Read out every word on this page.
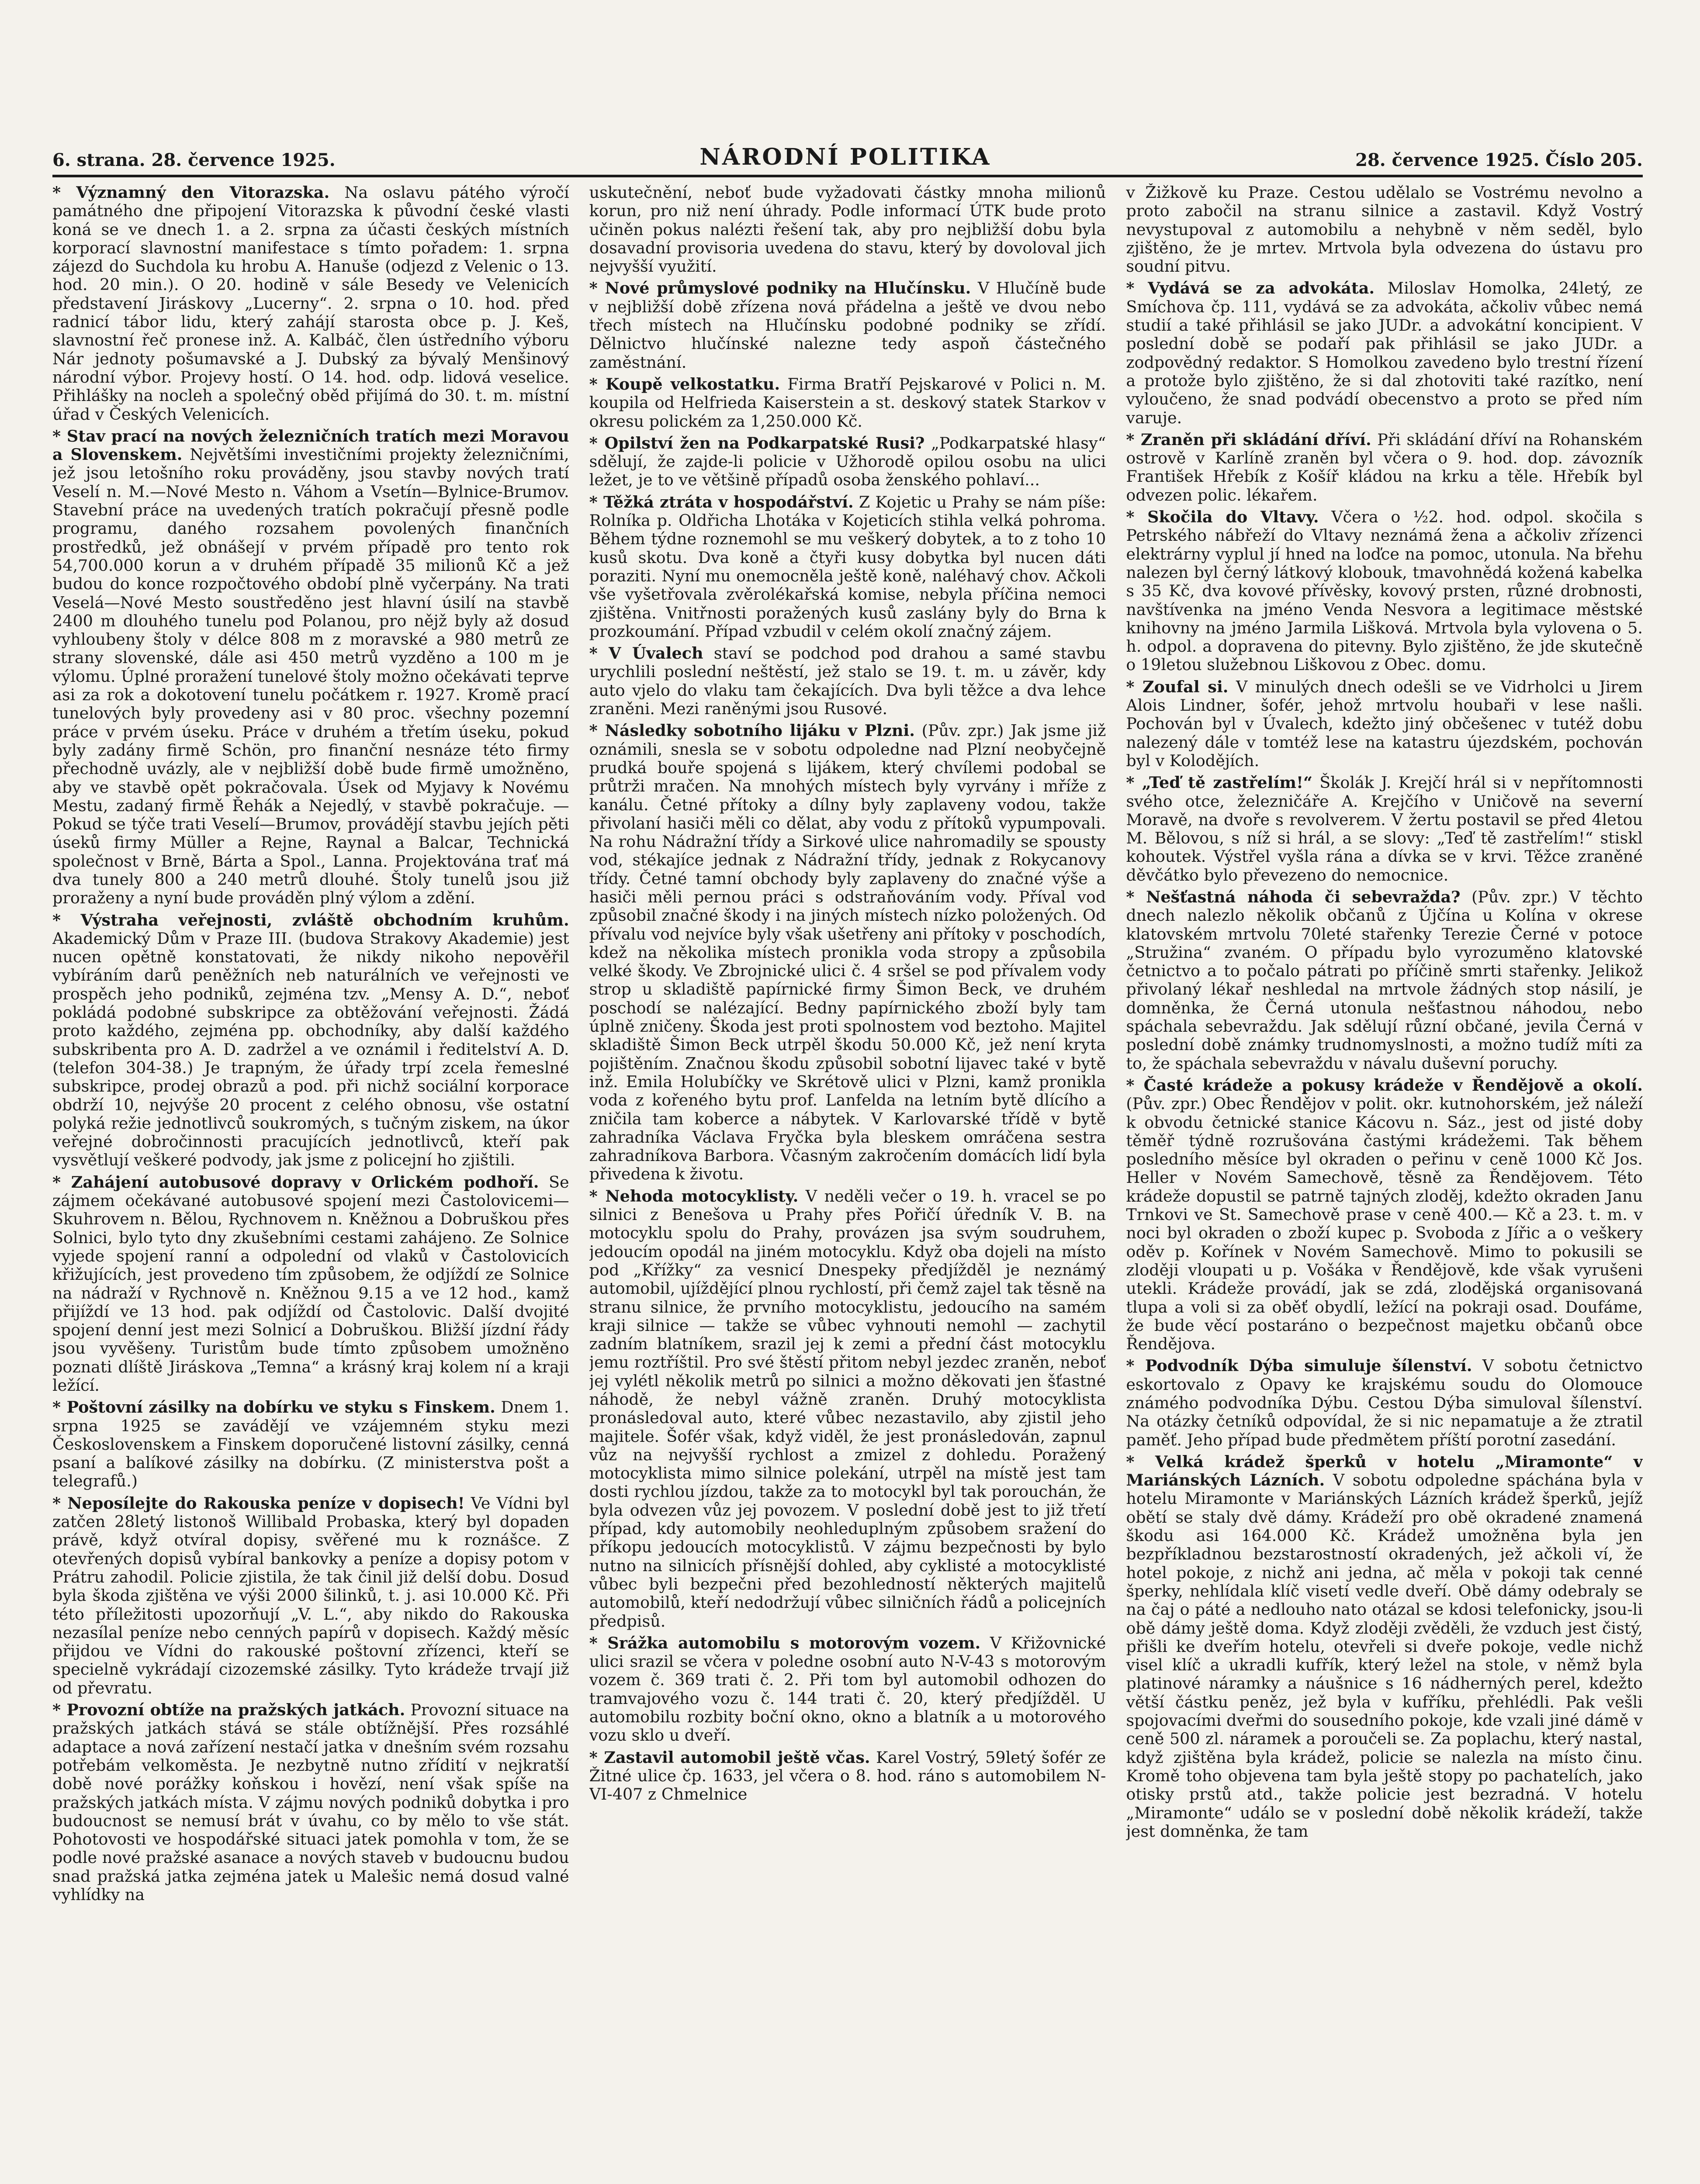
6. strana. 28. července 1925.	NÁRODNÍ POLITIKA	28. července 1925. Číslo 205.

* Významný den Vitorazska. Na oslavu pátého výročí památného dne připojení Vitorazska k původní české vlasti koná se ve dnech 1. a 2. srpna za účasti českých místních korporací slavnostní manifestace s tímto pořadem: 1. srpna zájezd do Suchdola ku hrobu A. Hanuše (odjezd z Velenic o 13. hod. 20 min.). O 20. hodině v sále Besedy ve Velenicích představení Jiráskovy „Lucerny“. 2. srpna o 10. hod. před radnicí tábor lidu, který zahájí starosta obce p. J. Keš, slavnostní řeč pronese inž. A. Kalbáč, člen ústředního výboru Nár jednoty pošumavské a J. Dubský za bývalý Menšinový národní výbor. Projevy hostí. O 14. hod. odp. lidová veselice. Přihlášky na nocleh a společný oběd přijímá do 30. t. m. místní úřad v Českých Velenicích.

* Stav prací na nových železničních tratích mezi Moravou a Slovenskem. Největšími investičními projekty železničními, jež jsou letošního roku prováděny, jsou stavby nových tratí Veselí n. M.—Nové Mesto n. Váhom a Vsetín—Bylnice-Brumov. Stavební práce na uvedených tratích pokračují přesně podle programu, daného rozsahem povolených finančních prostředků, jež obnášejí v prvém případě pro tento rok 54,700.000 korun a v druhém případě 35 milionů Kč a jež budou do konce rozpočtového období plně vyčerpány. Na trati Veselá—Nové Mesto soustředěno jest hlavní úsilí na stavbě 2400 m dlouhého tunelu pod Polanou, pro nějž byly až dosud vyhloubeny štoly v délce 808 m z moravské a 980 metrů ze strany slovenské, dále asi 450 metrů vyzděno a 100 m je výlomu. Úplné proražení tunelové štoly možno očekávati teprve asi za rok a dokotovení tunelu počátkem r. 1927. Kromě prací tunelových byly provedeny asi v 80 proc. všechny pozemní práce v prvém úseku. Práce v druhém a třetím úseku, pokud byly zadány firmě Schön, pro finanční nesnáze této firmy přechodně uvázly, ale v nejbližší době bude firmě umožněno, aby ve stavbě opět pokračovala. Úsek od Myjavy k Novému Mestu, zadaný firmě Řehák a Nejedlý, v stavbě pokračuje. — Pokud se týče trati Veselí—Brumov, provádějí stavbu jejích pěti úseků firmy Müller a Rejne, Raynal a Balcar, Technická společnost v Brně, Bárta a Spol., Lanna. Projektována trať má dva tunely 800 a 240 metrů dlouhé. Štoly tunelů jsou již proraženy a nyní bude prováděn plný výlom a zdění.

* Výstraha veřejnosti, zvláště obchodním kruhům. Akademický Dům v Praze III. (budova Strakovy Akademie) jest nucen opětně konstatovati, že nikdy nikoho nepověřil vybíráním darů peněžních neb naturálních ve veřejnosti ve prospěch jeho podniků, zejména tzv. „Mensy A. D.“, neboť pokládá podobné subskripce za obtěžování veřejnosti. Žádá proto každého, zejména pp. obchodníky, aby další každého subskribenta pro A. D. zadržel a ve oznámil i ředitelství A. D. (telefon 304-38.) Je trapným, že úřady trpí zcela řemeslné subskripce, prodej obrazů a pod. při nichž sociální korporace obdrží 10, nejvýše 20 procent z celého obnosu, vše ostatní polyká režie jednotlivců soukromých, s tučným ziskem, na úkor veřejné dobročinnosti pracujících jednotlivců, kteří pak vysvětlují veškeré podvody, jak jsme z policejní ho zjištili.

* Zahájení autobusové dopravy v Orlickém podhoří. Se zájmem očekávané autobusové spojení mezi Častolovicemi—Skuhrovem n. Bělou, Rychnovem n. Kněžnou a Dobruškou přes Solnici, bylo tyto dny zkušebními cestami zahájeno. Ze Solnice vyjede spojení ranní a odpolední od vlaků v Častolovicích křižujících, jest provedeno tím způsobem, že odjíždí ze Solnice na nádraží v Rychnově n. Kněžnou 9.15 a ve 12 hod., kamž přijíždí ve 13 hod. pak odjíždí od Častolovic. Další dvojité spojení denní jest mezi Solnicí a Dobruškou. Bližší jízdní řády jsou vyvěšeny. Turistům bude tímto způsobem umožněno poznati dlíště Jiráskova „Temna“ a krásný kraj kolem ní a kraji ležící.

* Poštovní zásilky na dobírku ve styku s Finskem. Dnem 1. srpna 1925 se zavádějí ve vzájemném styku mezi Československem a Finskem doporučené listovní zásilky, cenná psaní a balíkové zásilky na dobírku. (Z ministerstva pošt a telegrafů.)

* Neposílejte do Rakouska peníze v dopisech! Ve Vídni byl zatčen 28letý listonoš Willibald Probaska, který byl dopaden právě, když otvíral dopisy, svěřené mu k roznášce. Z otevřených dopisů vybíral bankovky a peníze a dopisy potom v Prátru zahodil. Policie zjistila, že tak činil již delší dobu. Dosud byla škoda zjištěna ve výši 2000 šilinků, t. j. asi 10.000 Kč. Při této příležitosti upozorňují „V. L.“, aby nikdo do Rakouska nezasílal peníze nebo cenných papírů v dopisech. Každý měsíc přijdou ve Vídni do rakouské poštovní zřízenci, kteří se specielně vykrádají cizozemské zásilky. Tyto krádeže trvají již od převratu.

* Provozní obtíže na pražských jatkách. Provozní situace na pražských jatkách stává se stále obtížnější. Přes rozsáhlé adaptace a nová zařízení nestačí jatka v dnešním svém rozsahu potřebám velkoměsta. Je nezbytně nutno zřídití v nejkratší době nové porážky koňskou i hovězí, není však spíše na pražských jatkách místa. V zájmu nových podniků dobytka i pro budoucnost se nemusí brát v úvahu, co by mělo to vše stát. Pohotovosti ve hospodářské situaci jatek pomohla v tom, že se podle nové pražské asanace a nových staveb v budoucnu budou snad pražská jatka zejména jatek u Malešic nemá dosud valné vyhlídky na

uskutečnění, neboť bude vyžadovati částky mnoha milionů korun, pro niž není úhrady. Podle informací ÚTK bude proto učiněn pokus nalézti řešení tak, aby pro nejbližší dobu byla dosavadní provisoria uvedena do stavu, který by dovoloval jich nejvyšší využití.

* Nové průmyslové podniky na Hlučínsku. V Hlučíně bude v nejbližší době zřízena nová přádelna a ještě ve dvou nebo třech místech na Hlučínsku podobné podniky se zřídí. Dělnictvo hlučínské nalezne tedy aspoň částečného zaměstnání.

* Koupě velkostatku. Firma Bratří Pejskarové v Polici n. M. koupila od Helfrieda Kaiserstein a st. deskový statek Starkov v okresu polickém za 1,250.000 Kč.

* Opilství žen na Podkarpatské Rusi? „Podkarpatské hlasy“ sdělují, že zajde-li policie v Užhorodě opilou osobu na ulici ležet, je to ve většině případů osoba ženského pohlaví...

* Těžká ztráta v hospodářství. Z Kojetic u Prahy se nám píše: Rolníka p. Oldřicha Lhotáka v Kojeticích stihla velká pohroma. Během týdne roznemohl se mu veškerý dobytek, a to z toho 10 kusů skotu. Dva koně a čtyři kusy dobytka byl nucen dáti poraziti. Nyní mu onemocněla ještě koně, naléhavý chov. Ačkoli vše vyšetřovala zvěrolékařská komise, nebyla příčina nemoci zjištěna. Vnitřnosti poražených kusů zaslány byly do Brna k prozkoumání. Případ vzbudil v celém okolí značný zájem.

* V Úvalech staví se podchod pod drahou a samé stavbu urychlili poslední neštěstí, jež stalo se 19. t. m. u závěr, kdy auto vjelo do vlaku tam čekajících. Dva byli těžce a dva lehce zraněni. Mezi raněnými jsou Rusové.

* Následky sobotního lijáku v Plzni. (Pův. zpr.) Jak jsme již oznámili, snesla se v sobotu odpoledne nad Plzní neobyčejně prudká bouře spojená s lijákem, který chvílemi podobal se průtrži mračen. Na mnohých místech byly vyrvány i mříže z kanálu. Četné přítoky a dílny byly zaplaveny vodou, takže přivolaní hasiči měli co dělat, aby vodu z přítoků vypumpovali. Na rohu Nádražní třídy a Sirkové ulice nahromadily se spousty vod, stékajíce jednak z Nádražní třídy, jednak z Rokycanovy třídy. Četné tamní obchody byly zaplaveny do značné výše a hasiči měli pernou práci s odstraňováním vody. Příval vod způsobil značné škody i na jiných místech nízko položených. Od přívalu vod nejvíce byly však ušetřeny ani přítoky v poschodích, kdež na několika místech pronikla voda stropy a způsobila velké škody. Ve Zbrojnické ulici č. 4 sršel se pod přívalem vody strop u skladiště papírnické firmy Šimon Beck, ve druhém poschodí se nalézající. Bedny papírnického zboží byly tam úplně zničeny. Škoda jest proti spolnostem vod beztoho. Majitel skladiště Šimon Beck utrpěl škodu 50.000 Kč, jež není kryta pojištěním. Značnou škodu způsobil sobotní lijavec také v bytě inž. Emila Holubíčky ve Skrétově ulici v Plzni, kamž pronikla voda z kořeného bytu prof. Lanfelda na letním bytě dlícího a zničila tam koberce a nábytek. V Karlovarské třídě v bytě zahradníka Václava Fryčka byla bleskem omráčena sestra zahradníkova Barbora. Včasným zakročením domácích lidí byla přivedena k životu.

* Nehoda motocyklisty. V neděli večer o 19. h. vracel se po silnici z Benešova u Prahy přes Pořičí úředník V. B. na motocyklu spolu do Prahy, provázen jsa svým soudruhem, jedoucím opodál na jiném motocyklu. Když oba dojeli na místo pod „Křížky“ za vesnicí Dnespeky předjížděl je neznámý automobil, ujíždějící plnou rychlostí, při čemž zajel tak těsně na stranu silnice, že prvního motocyklistu, jedoucího na samém kraji silnice — takže se vůbec vyhnouti nemohl — zachytil zadním blatníkem, srazil jej k zemi a přední část motocyklu jemu roztříštil. Pro své štěstí přitom nebyl jezdec zraněn, neboť jej vylétl několik metrů po silnici a možno děkovati jen šťastné náhodě, že nebyl vážně zraněn. Druhý motocyklista pronásledoval auto, které vůbec nezastavilo, aby zjistil jeho majitele. Šofér však, když viděl, že jest pronásledován, zapnul vůz na nejvyšší rychlost a zmizel z dohledu. Poražený motocyklista mimo silnice polekání, utrpěl na místě jest tam dosti rychlou jízdou, takže za to motocykl byl tak porouchán, že byla odvezen vůz jej povozem. V poslední době jest to již třetí případ, kdy automobily neohleduplným způsobem sražení do příkopu jedoucích motocyklistů. V zájmu bezpečnosti by bylo nutno na silnicích přísnější dohled, aby cyklisté a motocyklisté vůbec byli bezpečni před bezohledností některých majitelů automobilů, kteří nedodržují vůbec silničních řádů a policejních předpisů.

* Srážka automobilu s motorovým vozem. V Křižovnické ulici srazil se včera v poledne osobní auto N-V-43 s motorovým vozem č. 369 trati č. 2. Při tom byl automobil odhozen do tramvajového vozu č. 144 trati č. 20, který předjížděl. U automobilu rozbity boční okno, okno a blatník a u motorového vozu sklo u dveří.

* Zastavil automobil ještě včas. Karel Vostrý, 59letý šofér ze Žitné ulice čp. 1633, jel včera o 8. hod. ráno s automobilem N-VI-407 z Chmelnice

v Žižkově ku Praze. Cestou udělalo se Vostrému nevolno a proto zabočil na stranu silnice a zastavil. Když Vostrý nevystupoval z automobilu a nehybně v něm seděl, bylo zjištěno, že je mrtev. Mrtvola byla odvezena do ústavu pro soudní pitvu.

* Vydává se za advokáta. Miloslav Homolka, 24letý, ze Smíchova čp. 111, vydává se za advokáta, ačkoliv vůbec nemá studií a také přihlásil se jako JUDr. a advokátní koncipient. V poslední době se podaří pak přihlásil se jako JUDr. a zodpovědný redaktor. S Homolkou zavedeno bylo trestní řízení a protože bylo zjištěno, že si dal zhotoviti také razítko, není vyloučeno, že snad podvádí obecenstvo a proto se před ním varuje.

* Zraněn při skládání dříví. Při skládání dříví na Rohanském ostrově v Karlíně zraněn byl včera o 9. hod. dop. závozník František Hřebík z Košíř kládou na krku a těle. Hřebík byl odvezen polic. lékařem.

* Skočila do Vltavy. Včera o ½2. hod. odpol. skočila s Petrského nábřeží do Vltavy neznámá žena a ačkoliv zřízenci elektrárny vyplul jí hned na loďce na pomoc, utonula. Na břehu nalezen byl černý látkový klobouk, tmavohnědá kožená kabelka s 35 Kč, dva kovové přívěsky, kovový prsten, různé drobnosti, navštívenka na jméno Venda Nesvora a legitimace městské knihovny na jméno Jarmila Lišková. Mrtvola byla vylovena o 5. h. odpol. a dopravena do pitevny. Bylo zjištěno, že jde skutečně o 19letou služebnou Liškovou z Obec. domu.

* Zoufal si. V minulých dnech odešli se ve Vidrholci u Jirem Alois Lindner, šofér, jehož mrtvolu houbaři v lese našli. Pochován byl v Úvalech, kdežto jiný občešenec v tutéž dobu nalezený dále v tomtéž lese na katastru újezdském, pochován byl v Kolodějích.

* „Teď tě zastřelím!“ Školák J. Krejčí hrál si v nepřítomnosti svého otce, železničáře A. Krejčího v Uničově na severní Moravě, na dvoře s revolverem. V žertu postavil se před 4letou M. Bělovou, s níž si hrál, a se slovy: „Teď tě zastřelím!“ stiskl kohoutek. Výstřel vyšla rána a dívka se v krvi. Těžce zraněné děvčátko bylo převezeno do nemocnice.

* Nešťastná náhoda či sebevražda? (Pův. zpr.) V těchto dnech nalezlo několik občanů z Újčína u Kolína v okrese klatovském mrtvolu 70leté stařenky Terezie Černé v potoce „Stružina“ zvaném. O případu bylo vyrozuměno klatovské četnictvo a to počalo pátrati po příčině smrti stařenky. Jelikož přivolaný lékař neshledal na mrtvole žádných stop násilí, je domněnka, že Černá utonula nešťastnou náhodou, nebo spáchala sebevraždu. Jak sdělují různí občané, jevila Černá v poslední době známky trudnomyslnosti, a možno tudíž míti za to, že spáchala sebevraždu v návalu duševní poruchy.

* Časté krádeže a pokusy krádeže v Řendějově a okolí. (Pův. zpr.) Obec Řendějov v polit. okr. kutnohorském, jež náleží k obvodu četnické stanice Kácovu n. Sáz., jest od jisté doby těměř týdně rozrušována častými krádežemi. Tak během posledního měsíce byl okraden o peřinu v ceně 1000 Kč Jos. Heller v Novém Samechově, těsně za Řendějovem. Této krádeže dopustil se patrně tajných zloděj, kdežto okraden Janu Trnkovi ve St. Samechově prase v ceně 400.— Kč a 23. t. m. v noci byl okraden o zboží kupec p. Svoboda z Jířic a o veškery oděv p. Kořínek v Novém Samechově. Mimo to pokusili se zloději vloupati u p. Vošáka v Řendějově, kde však vyrušeni utekli. Krádeže provádí, jak se zdá, zlodějská organisovaná tlupa a voli si za oběť obydlí, ležící na pokraji osad. Doufáme, že bude věcí postaráno o bezpečnost majetku občanů obce Řendějova.

* Podvodník Dýba simuluje šílenství. V sobotu četnictvo eskortovalo z Opavy ke krajskému soudu do Olomouce známého podvodníka Dýbu. Cestou Dýba simuloval šílenství. Na otázky četníků odpovídal, že si nic nepamatuje a že ztratil paměť. Jeho případ bude předmětem příští porotní zasedání.

* Velká krádež šperků v hotelu „Miramonte“ v Mariánských Lázních. V sobotu odpoledne spáchána byla v hotelu Miramonte v Mariánských Lázních krádež šperků, jejíž obětí se staly dvě dámy. Krádeží pro obě okradené znamená škodu asi 164.000 Kč. Krádež umožněna byla jen bezpříkladnou bezstarostností okradených, jež ačkoli ví, že hotel pokoje, z nichž ani jedna, ač měla v pokoji tak cenné šperky, nehlídala klíč visetí vedle dveří. Obě dámy odebraly se na čaj o páté a nedlouho nato otázal se kdosi telefonicky, jsou-li obě dámy ještě doma. Když zloději zvěděli, že vzduch jest čistý, přišli ke dveřím hotelu, otevřeli si dveře pokoje, vedle nichž visel klíč a ukradli kufřík, který ležel na stole, v němž byla platinové náramky a náušnice s 16 nádherných perel, kdežto větší částku peněz, jež byla v kufříku, přehlédli. Pak vešli spojovacími dveřmi do sousedního pokoje, kde vzali jiné dámě v ceně 500 zl. náramek a poroučeli se. Za poplachu, který nastal, když zjištěna byla krádež, policie se nalezla na místo činu. Kromě toho objevena tam byla ještě stopy po pachatelích, jako otisky prstů atd., takže policie jest bezradná. V hotelu „Miramonte“ událo se v poslední době několik krádeží, takže jest domněnka, že tam
